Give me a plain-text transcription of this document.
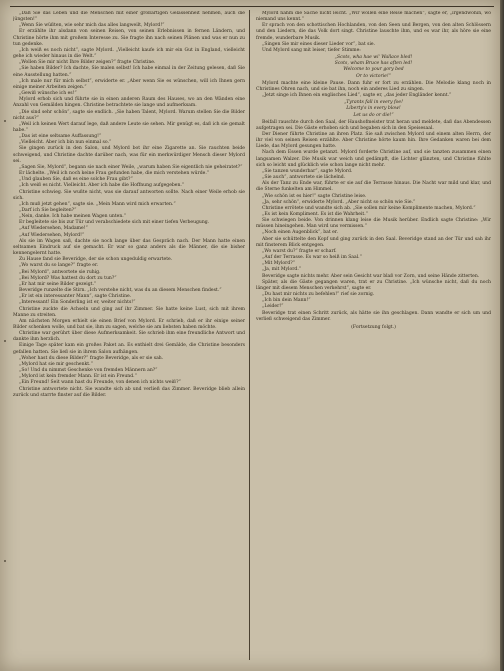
„Daß Sie das Leben und die Menschen mit einer großartigen Gelassenheit nehmen, auch die jüngsten!“

„Wenn Sie wüßten, wie sehr mich das alles langweilt, Mylord!“

Er erzählte ihr alsdann von seinen Reisen, von seinen Erlebnissen in fernen Ländern, und Christine hörte ihm mit großem Interesse zu. Sie fragte ihn nach seinen Plänen und was er nun zu tun gedenke.

„Ich weiß es noch nicht“, sagte Mylord. „Vielleicht kaufe ich mir ein Gut in England, vielleicht gehe ich wieder hinaus in die Welt.“

„Wollen Sie mir nicht Ihre Bilder zeigen?“ fragte Christine.

„Sie haben Bilder? Ich dachte, Sie malen selbst! Ich habe einmal in der Zeitung gelesen, daß Sie eine Ausstellung hatten.“

„Ich male nur für mich selbst“, erwiderte er. „Aber wenn Sie es wünschen, will ich Ihnen gern einige meiner Arbeiten zeigen.“

„Gewiß wünsche ich es!“

Mylord erhob sich und führte sie in einen anderen Raum des Hauses, wo an den Wänden eine Anzahl von Gemälden hingen. Christine betrachtete sie lange und aufmerksam.

„Die sind sehr schön“, sagte sie endlich. „Sie haben Talent, Mylord. Warum stellen Sie die Bilder nicht aus?“

„Weil ich keinen Wert darauf lege, daß andere Leute sie sehen. Mir genügt es, daß ich sie gemalt habe.“

„Das ist eine seltsame Auffassung!“

„Vielleicht. Aber ich bin nun einmal so.“

Sie gingen zurück in den Salon, und Mylord bot ihr eine Zigarette an. Sie rauchten beide schweigend, und Christine dachte darüber nach, was für ein merkwürdiger Mensch dieser Mylord sei.

„Sagen Sie, Mylord“, begann sie nach einer Weile, „warum haben Sie eigentlich nie geheiratet?“

Er lächelte. „Weil ich noch keine Frau gefunden habe, die mich verstehen würde.“

„Und glauben Sie, daß es eine solche Frau gibt?“

„Ich weiß es nicht. Vielleicht. Aber ich habe die Hoffnung aufgegeben.“

Christine schwieg. Sie wußte nicht, was sie darauf antworten sollte. Nach einer Weile erhob sie sich.

„Ich muß jetzt gehen“, sagte sie. „Mein Mann wird mich erwarten.“

„Darf ich Sie begleiten?“

„Nein, danke. Ich habe meinen Wagen unten.“

Er begleitete sie bis zur Tür und verabschiedete sich mit einer tiefen Verbeugung.

„Auf Wiedersehen, Madame!“

„Auf Wiedersehen, Mylord!“

Als sie im Wagen saß, dachte sie noch lange über das Gespräch nach. Der Mann hatte einen seltsamen Eindruck auf sie gemacht. Er war so ganz anders als die Männer, die sie bisher kennengelernt hatte.

Zu Hause fand sie Beveridge, der sie schon ungeduldig erwartete.

„Wo warst du so lange?“ fragte er.

„Bei Mylord“, antwortete sie ruhig.

„Bei Mylord? Was hattest du dort zu tun?“

„Er hat mir seine Bilder gezeigt.“

Beveridge runzelte die Stirn. „Ich verstehe nicht, was du an diesem Menschen findest.“

„Er ist ein interessanter Mann“, sagte Christine.

„Interessant! Ein Sonderling ist er, weiter nichts!“

Christine zuckte die Achseln und ging auf ihr Zimmer. Sie hatte keine Lust, sich mit ihrem Manne zu streiten.

Am nächsten Morgen erhielt sie einen Brief von Mylord. Er schrieb, daß er ihr einige seiner Bilder schenken wolle, und bat sie, ihm zu sagen, welche sie am liebsten haben möchte.

Christine war gerührt über diese Aufmerksamkeit. Sie schrieb ihm eine freundliche Antwort und dankte ihm herzlich.

Einige Tage später kam ein großes Paket an. Es enthielt drei Gemälde, die Christine besonders gefallen hatten. Sie ließ sie in ihrem Salon aufhängen.

„Woher hast du diese Bilder?“ fragte Beveridge, als er sie sah.

„Mylord hat sie mir geschenkt.“

„So! Und du nimmst Geschenke von fremden Männern an?“

„Mylord ist kein fremder Mann. Er ist ein Freund.“

„Ein Freund! Seit wann hast du Freunde, von denen ich nichts weiß?“

Christine antwortete nicht. Sie wandte sich ab und verließ das Zimmer. Beveridge blieb allein zurück und starrte finster auf die Bilder.

Mylord nahm die Sache nicht leicht. „Wir wollen eine Reise machen“, sagte er, „irgendwohin, wo niemand uns kennt.“

Er sprach von den schottischen Hochlanden, von den Seen und Bergen, von den alten Schlössern und den Liedern, die das Volk dort singt. Christine lauschte ihm, und es war ihr, als höre sie eine fremde, wunderbare Musik.

„Singen Sie mir eines dieser Lieder vor“, bat sie.

Und Mylord sang mit leiser, tiefer Stimme:

„Scots, wha hae wi' Wallace bled!

Scots, wham Bruce has aften led!

Welcome to your gory bed

Or to victorie!“

Mylord machte eine kleine Pause. Dann fuhr er fort zu erzählen. Die Melodie klang noch in Christines Ohren nach, und sie bat ihn, noch ein anderes Lied zu singen.

„Jetzt singe ich Ihnen ein englisches Lied“, sagte er, „das jeder Engländer kennt.“

„Tyrants fall in every foe!

Liberty's in every blow!

Let us do or die!“

Beifall rauschte durch den Saal, der Haushofmeister trat heran und meldete, daß das Abendessen aufgetragen sei. Die Gäste erhoben sich und begaben sich in den Speisesaal.

Der Diener führte Christine an ihren Platz. Sie saß zwischen Mylord und einem alten Herrn, der ihr viel von seinen Reisen erzählte. Aber Christine hörte kaum hin. Ihre Gedanken waren bei dem Liede, das Mylord gesungen hatte.

Nach dem Essen wurde getanzt. Mylord forderte Christine auf, und sie tanzten zusammen einen langsamen Walzer. Die Musik war weich und gedämpft, die Lichter glänzten, und Christine fühlte sich so leicht und glücklich wie schon lange nicht mehr.

„Sie tanzen wunderbar“, sagte Mylord.

„Sie auch“, antwortete sie lächelnd.

Als der Tanz zu Ende war, führte er sie auf die Terrasse hinaus. Die Nacht war mild und klar, und die Sterne funkelten am Himmel.

„Wie schön ist es hier!“ sagte Christine leise.

„Ja, sehr schön“, erwiderte Mylord. „Aber nicht so schön wie Sie.“

Christine errötete und wandte sich ab. „Sie sollen mir keine Komplimente machen, Mylord.“

„Es ist kein Kompliment. Es ist die Wahrheit.“

Sie schwiegen beide. Von drinnen klang leise die Musik herüber. Endlich sagte Christine: „Wir müssen hineingehen. Man wird uns vermissen.“

„Noch einen Augenblick“, bat er.

Aber sie schüttelte den Kopf und ging zurück in den Saal. Beveridge stand an der Tür und sah ihr mit finsterem Blick entgegen.

„Wo warst du?“ fragte er scharf.

„Auf der Terrasse. Es war so heiß im Saal.“

„Mit Mylord?“

„Ja, mit Mylord.“

Beveridge sagte nichts mehr. Aber sein Gesicht war blaß vor Zorn, und seine Hände zitterten.

Später, als die Gäste gegangen waren, trat er zu Christine. „Ich wünsche nicht, daß du noch länger mit diesem Menschen verkehrst“, sagte er.

„Du hast mir nichts zu befehlen!“ rief sie zornig.

„Ich bin dein Mann!“

„Leider!“

Beveridge trat einen Schritt zurück, als hätte sie ihn geschlagen. Dann wandte er sich um und verließ schweigend das Zimmer.

(Fortsetzung folgt.)
